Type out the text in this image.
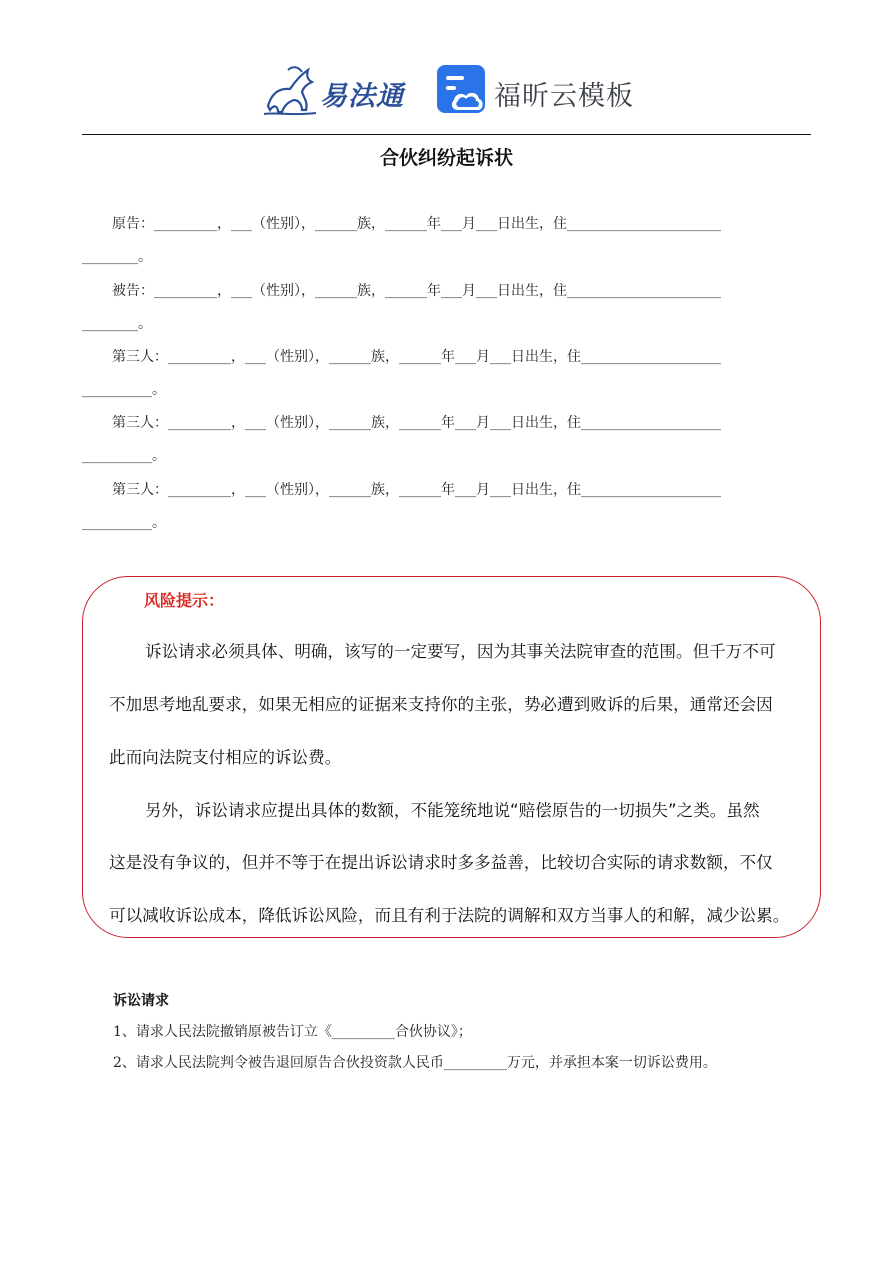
易法通	福昕云模板
合伙纠纷起诉状
原告：_________，___（性别），______族，______年___月___日出生，住______________________
________。
被告：_________，___（性别），______族，______年___月___日出生，住______________________
________。
第三人：_________，___（性别），______族，______年___月___日出生，住____________________
__________。
第三人：_________，___（性别），______族，______年___月___日出生，住____________________
__________。
第三人：_________，___（性别），______族，______年___月___日出生，住____________________
__________。
风险提示：
诉讼请求必须具体、明确，该写的一定要写，因为其事关法院审查的范围。但千万不可
不加思考地乱要求，如果无相应的证据来支持你的主张，势必遭到败诉的后果，通常还会因
此而向法院支付相应的诉讼费。
另外，诉讼请求应提出具体的数额，不能笼统地说“赔偿原告的一切损失”之类。虽然
这是没有争议的，但并不等于在提出诉讼请求时多多益善，比较切合实际的请求数额，不仅
可以减收诉讼成本，降低诉讼风险，而且有利于法院的调解和双方当事人的和解，减少讼累。
诉讼请求
1、请求人民法院撤销原被告订立《_________合伙协议》；
2、请求人民法院判令被告退回原告合伙投资款人民币_________万元，并承担本案一切诉讼费用。
